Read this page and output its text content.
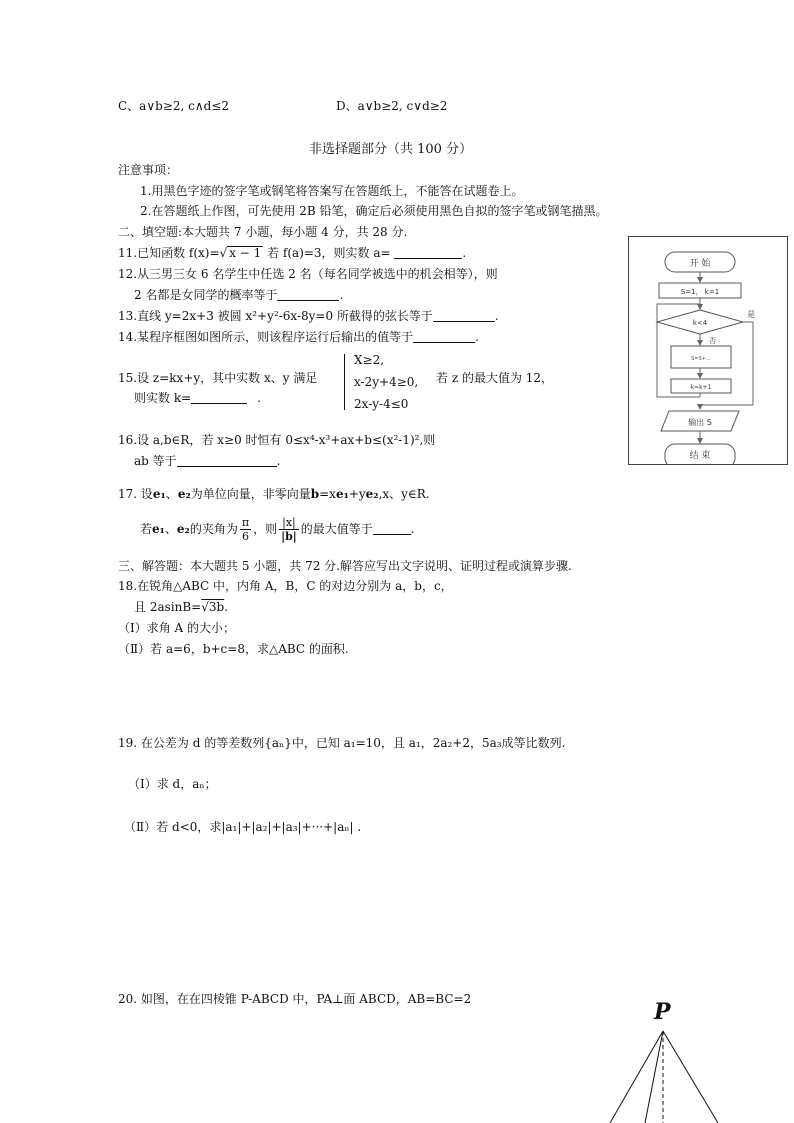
C、a∨b≥2, c∧d≤2	D、a∨b≥2, c∨d≥2
非选择题部分（共 100 分）
注意事项：
1.用黑色字迹的签字笔或钢笔将答案写在答题纸上，不能答在试题卷上。
2.在答题纸上作图，可先使用 2B 铅笔，确定后必须使用黑色自拟的签字笔或钢笔描黑。
二、填空题:本大题共 7 小题，每小题 4 分，共 28 分.
11.已知函数 f(x)=√ x − 1 若 f(a)=3，则实数 a=	.
12.从三男三女 6 名学生中任选 2 名（每名同学被选中的机会相等），则
2 名都是女同学的概率等于	.
13.直线 y=2x+3 被圆 x²+y²-6x-8y=0 所截得的弦长等于	.
14.某程序框图如图所示，则该程序运行后输出的值等于	.
15.设 z=kx+y，其中实数 x、y 满足
X≥2,
x-2y+4≥0,
2x-y-4≤0
若 z 的最大值为 12，
则实数 k=	.
16.设 a,b∈R，若 x≥0 时恒有 0≤x⁴-x³+ax+b≤(x²-1)²,则
ab 等于	.
17. 设e₁、e₂为单位向量，非零向量b=xe₁+ye₂,x、y∈R.
若e₁、e₂的夹角为 $\frac{\pi}{6}$ ，则 $\frac{|x|}{|b|}$ 的最大值等于	.
三、解答题：本大题共 5 小题，共 72 分.解答应写出文字说明、证明过程或演算步骤.
18.在锐角△ABC 中，内角 A，B，C 的对边分别为 a，b，c，
且 2asinB=√3b.
（Ⅰ）求角 A 的大小；
（Ⅱ）若 a=6，b+c=8，求△ABC 的面积.
19. 在公差为 d 的等差数列{aₙ}中，已知 a₁=10，且 a₁，2a₂+2，5a₃成等比数列.
（Ⅰ）求 d，aₙ；
（Ⅱ）若 d<0，求|a₁|+|a₂|+|a₃|+···+|aₙ| .
20. 如图，在在四棱锥 P-ABCD 中，PA⊥面 ABCD，AB=BC=2	P
开 始
S=1， k=1
k<4
是
否
S=S+…
k=k+1
输出 S
结 束
